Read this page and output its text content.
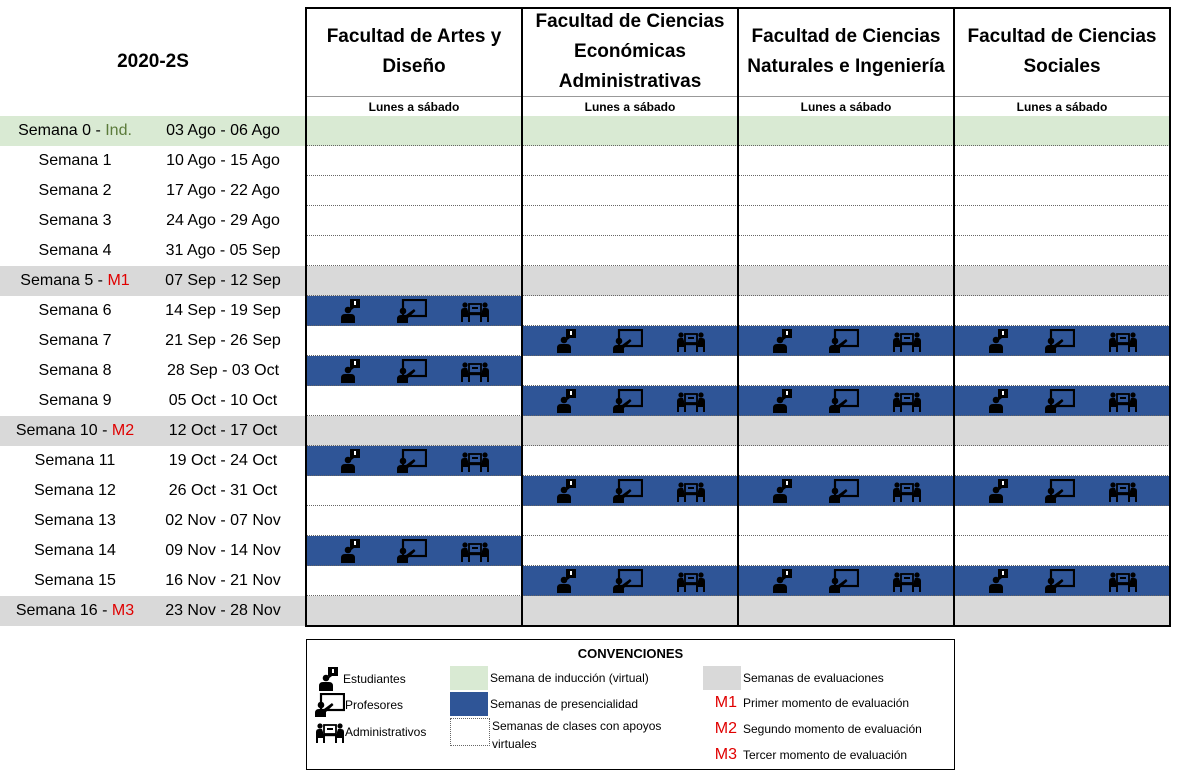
2020-2S
Facultad de Artes y Diseño
Lunes a sábado
Facultad de Ciencias Económicas Administrativas
Lunes a sábado
Facultad de Ciencias Naturales e Ingeniería
Lunes a sábado
Facultad de Ciencias Sociales
Lunes a sábado
Semana 0 - Ind.	03 Ago - 06 Ago
Semana 1	10 Ago - 15 Ago
Semana 2	17 Ago - 22 Ago
Semana 3	24 Ago - 29 Ago
Semana 4	31 Ago - 05 Sep
Semana 5 - M1	07 Sep - 12 Sep
Semana 6	14 Sep - 19 Sep
Semana 7	21 Sep - 26 Sep
Semana 8	28 Sep - 03 Oct
Semana 9	05 Oct - 10 Oct
Semana 10 - M2	12 Oct - 17 Oct
Semana 11	19 Oct - 24 Oct
Semana 12	26 Oct - 31 Oct
Semana 13	02 Nov - 07 Nov
Semana 14	09 Nov - 14 Nov
Semana 15	16 Nov - 21 Nov
Semana 16 - M3	23 Nov - 28 Nov
CONVENCIONES
Estudiantes
Profesores
Administrativos
Semana de inducción (virtual)
Semanas de presencialidad
Semanas de clases con apoyos virtuales
Semanas de evaluaciones
M1 Primer momento de evaluación
M2 Segundo momento de evaluación
M3 Tercer momento de evaluación
